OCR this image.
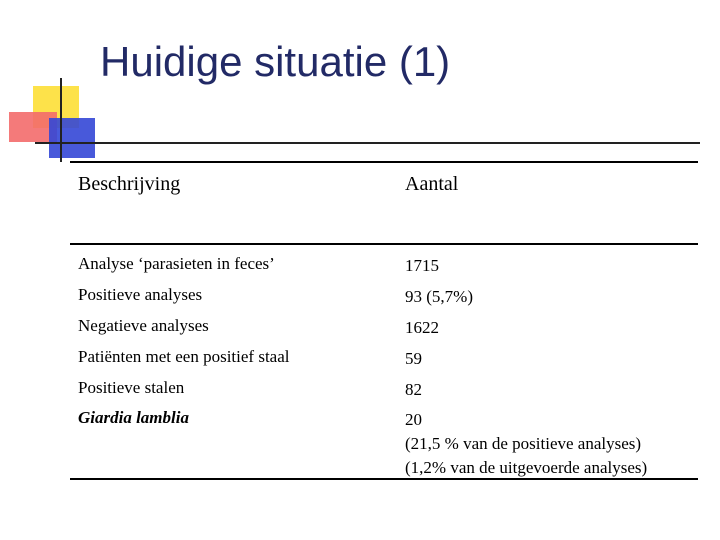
Huidige situatie (1)
Beschrijving	Aantal
Analyse ‘parasieten in feces’	1715
Positieve analyses	93 (5,7%)
Negatieve analyses	1622
Patiënten met een positief staal	59
Positieve stalen	82
Giardia lamblia	20
(21,5 % van de positieve analyses)
(1,2% van de uitgevoerde analyses)
